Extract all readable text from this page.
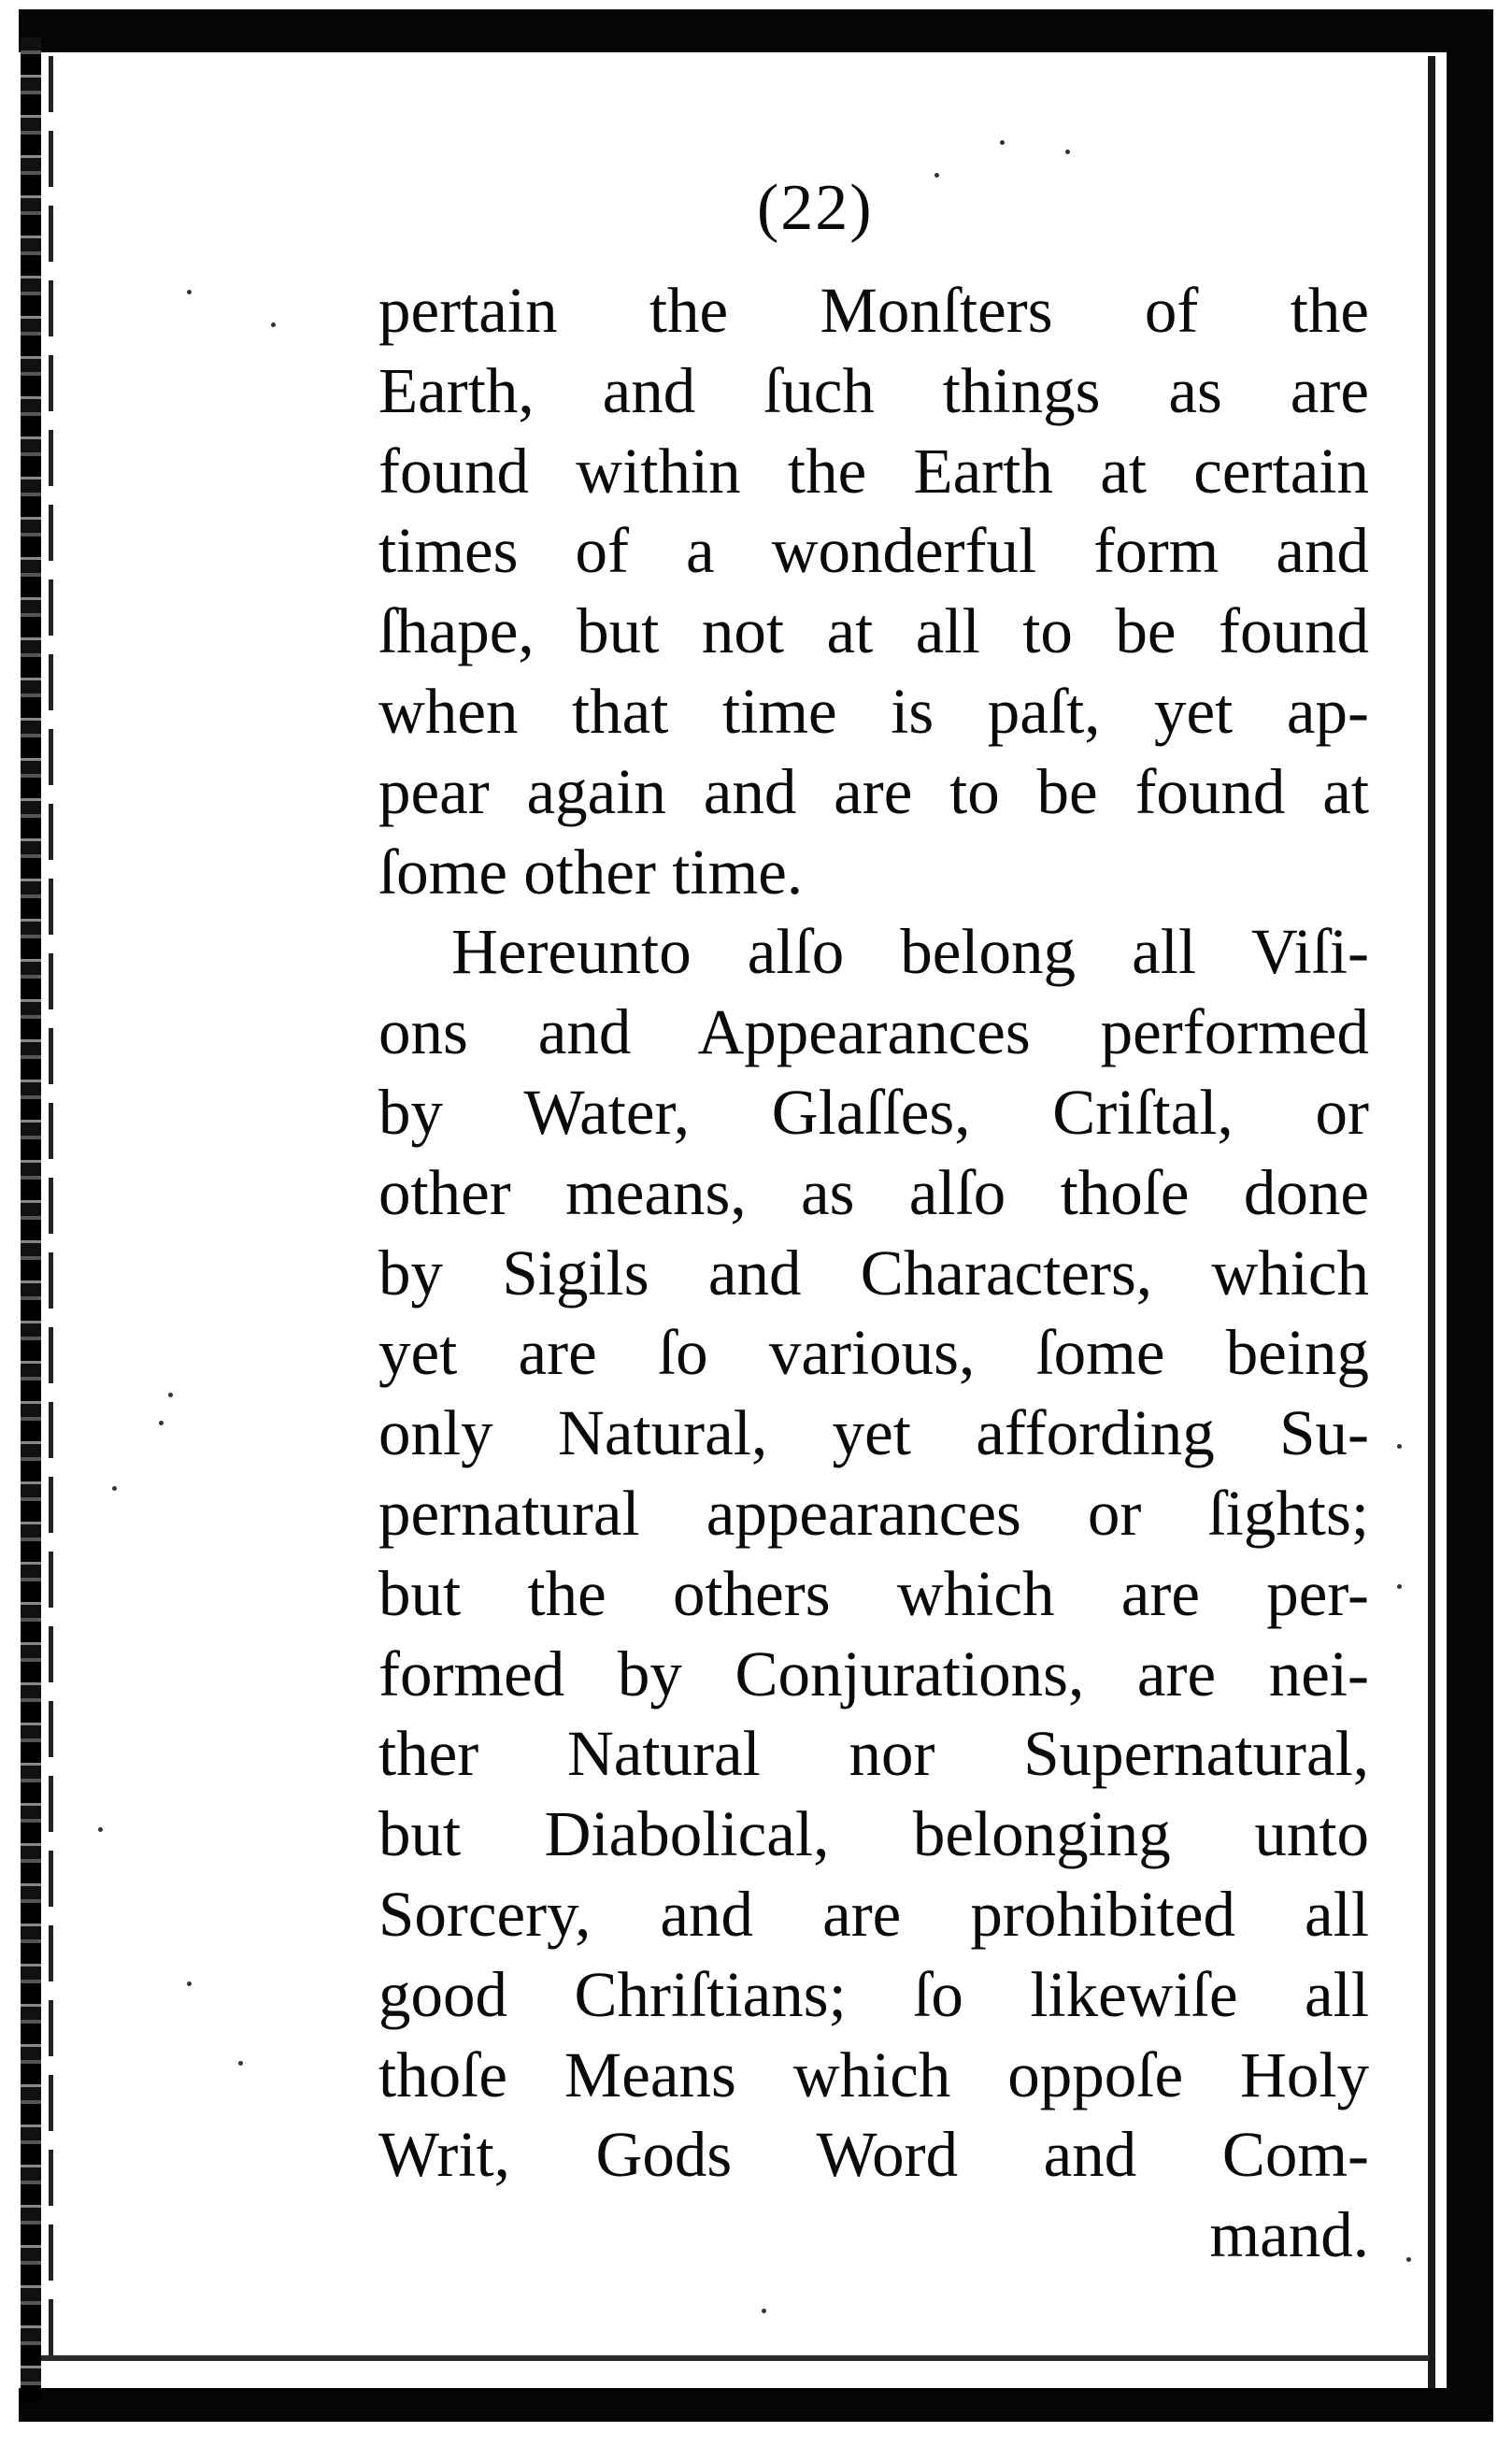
(22)
pertain the Monſters of the
Earth, and ſuch things as are
found within the Earth at certain
times of a wonderful form and
ſhape, but not at all to be found
when that time is paſt, yet ap-
pear again and are to be found at
ſome other time.
Hereunto alſo belong all Viſi-
ons and Appearances performed
by Water, Glaſſes, Criſtal, or
other means, as alſo thoſe done
by Sigils and Characters, which
yet are ſo various, ſome being
only Natural, yet affording Su-
pernatural appearances or ſights;
but the others which are per-
formed by Conjurations, are nei-
ther Natural nor Supernatural,
but Diabolical, belonging unto
Sorcery, and are prohibited all
good Chriſtians; ſo likewiſe all
thoſe Means which oppoſe Holy
Writ, Gods Word and Com-
mand.
